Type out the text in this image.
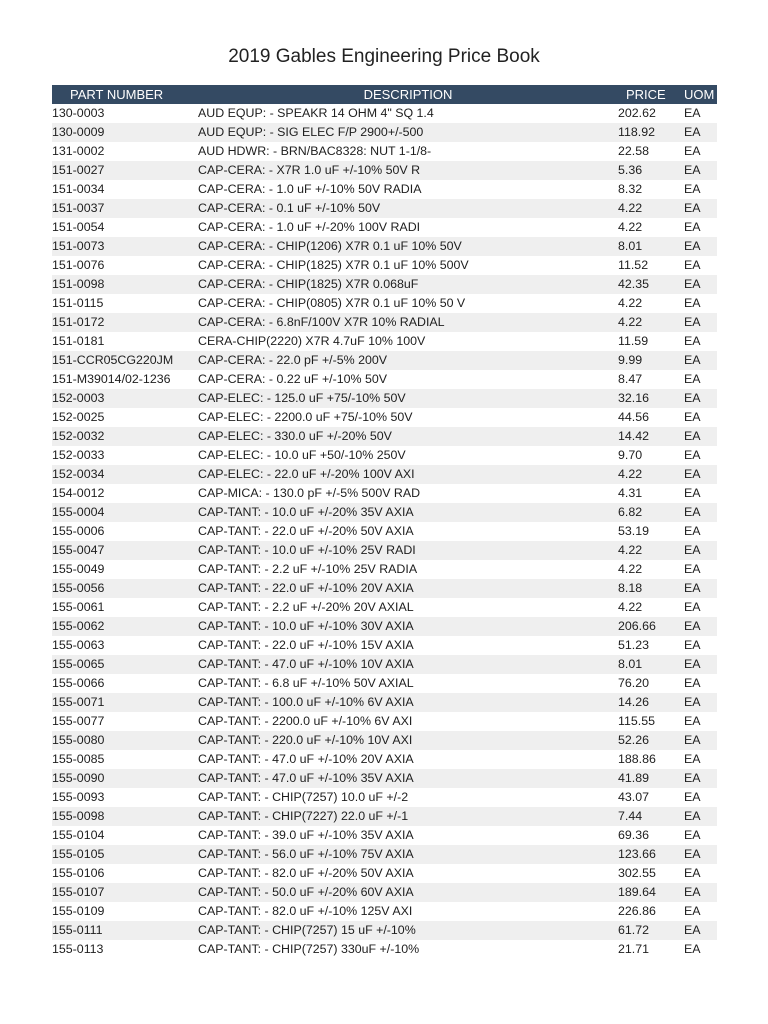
2019 Gables Engineering Price Book
PART NUMBER	DESCRIPTION	PRICE	UOM
130-0003	AUD EQUP: - SPEAKR 14 OHM 4" SQ 1.4	202.62	EA
130-0009	AUD EQUP: - SIG ELEC F/P 2900+/-500	118.92	EA
131-0002	AUD HDWR: - BRN/BAC8328: NUT 1-1/8-	22.58	EA
151-0027	CAP-CERA: - X7R 1.0 uF +/-10% 50V R	5.36	EA
151-0034	CAP-CERA: - 1.0 uF +/-10% 50V RADIA	8.32	EA
151-0037	CAP-CERA: - 0.1 uF +/-10% 50V	4.22	EA
151-0054	CAP-CERA: - 1.0 uF +/-20% 100V RADI	4.22	EA
151-0073	CAP-CERA: - CHIP(1206) X7R 0.1 uF 10% 50V	8.01	EA
151-0076	CAP-CERA: - CHIP(1825) X7R 0.1 uF 10% 500V	11.52	EA
151-0098	CAP-CERA: - CHIP(1825) X7R 0.068uF	42.35	EA
151-0115	CAP-CERA: - CHIP(0805) X7R 0.1 uF 10% 50 V	4.22	EA
151-0172	CAP-CERA: - 6.8nF/100V X7R 10% RADIAL	4.22	EA
151-0181	CERA-CHIP(2220) X7R 4.7uF 10% 100V	11.59	EA
151-CCR05CG220JM	CAP-CERA: - 22.0 pF +/-5% 200V	9.99	EA
151-M39014/02-1236	CAP-CERA: - 0.22 uF +/-10% 50V	8.47	EA
152-0003	CAP-ELEC: - 125.0 uF +75/-10% 50V	32.16	EA
152-0025	CAP-ELEC: - 2200.0 uF +75/-10% 50V	44.56	EA
152-0032	CAP-ELEC: - 330.0 uF +/-20% 50V	14.42	EA
152-0033	CAP-ELEC: - 10.0 uF +50/-10% 250V	9.70	EA
152-0034	CAP-ELEC: - 22.0 uF +/-20% 100V AXI	4.22	EA
154-0012	CAP-MICA: - 130.0 pF +/-5% 500V RAD	4.31	EA
155-0004	CAP-TANT: - 10.0 uF +/-20% 35V AXIA	6.82	EA
155-0006	CAP-TANT: - 22.0 uF +/-20% 50V AXIA	53.19	EA
155-0047	CAP-TANT: - 10.0 uF +/-10% 25V RADI	4.22	EA
155-0049	CAP-TANT: - 2.2 uF +/-10% 25V RADIA	4.22	EA
155-0056	CAP-TANT: - 22.0 uF +/-10% 20V AXIA	8.18	EA
155-0061	CAP-TANT: - 2.2 uF +/-20% 20V AXIAL	4.22	EA
155-0062	CAP-TANT: - 10.0 uF +/-10% 30V AXIA	206.66	EA
155-0063	CAP-TANT: - 22.0 uF +/-10% 15V AXIA	51.23	EA
155-0065	CAP-TANT: - 47.0 uF +/-10% 10V AXIA	8.01	EA
155-0066	CAP-TANT: - 6.8 uF +/-10% 50V AXIAL	76.20	EA
155-0071	CAP-TANT: - 100.0 uF +/-10% 6V AXIA	14.26	EA
155-0077	CAP-TANT: - 2200.0 uF +/-10% 6V AXI	115.55	EA
155-0080	CAP-TANT: - 220.0 uF +/-10% 10V AXI	52.26	EA
155-0085	CAP-TANT: - 47.0 uF +/-10% 20V AXIA	188.86	EA
155-0090	CAP-TANT: - 47.0 uF +/-10% 35V AXIA	41.89	EA
155-0093	CAP-TANT: - CHIP(7257) 10.0 uF +/-2	43.07	EA
155-0098	CAP-TANT: - CHIP(7227) 22.0 uF +/-1	7.44	EA
155-0104	CAP-TANT: - 39.0 uF +/-10% 35V AXIA	69.36	EA
155-0105	CAP-TANT: - 56.0 uF +/-10% 75V AXIA	123.66	EA
155-0106	CAP-TANT: - 82.0 uF +/-20% 50V AXIA	302.55	EA
155-0107	CAP-TANT: - 50.0 uF +/-20% 60V AXIA	189.64	EA
155-0109	CAP-TANT: - 82.0 uF +/-10% 125V AXI	226.86	EA
155-0111	CAP-TANT: - CHIP(7257) 15 uF +/-10%	61.72	EA
155-0113	CAP-TANT: - CHIP(7257) 330uF +/-10%	21.71	EA
